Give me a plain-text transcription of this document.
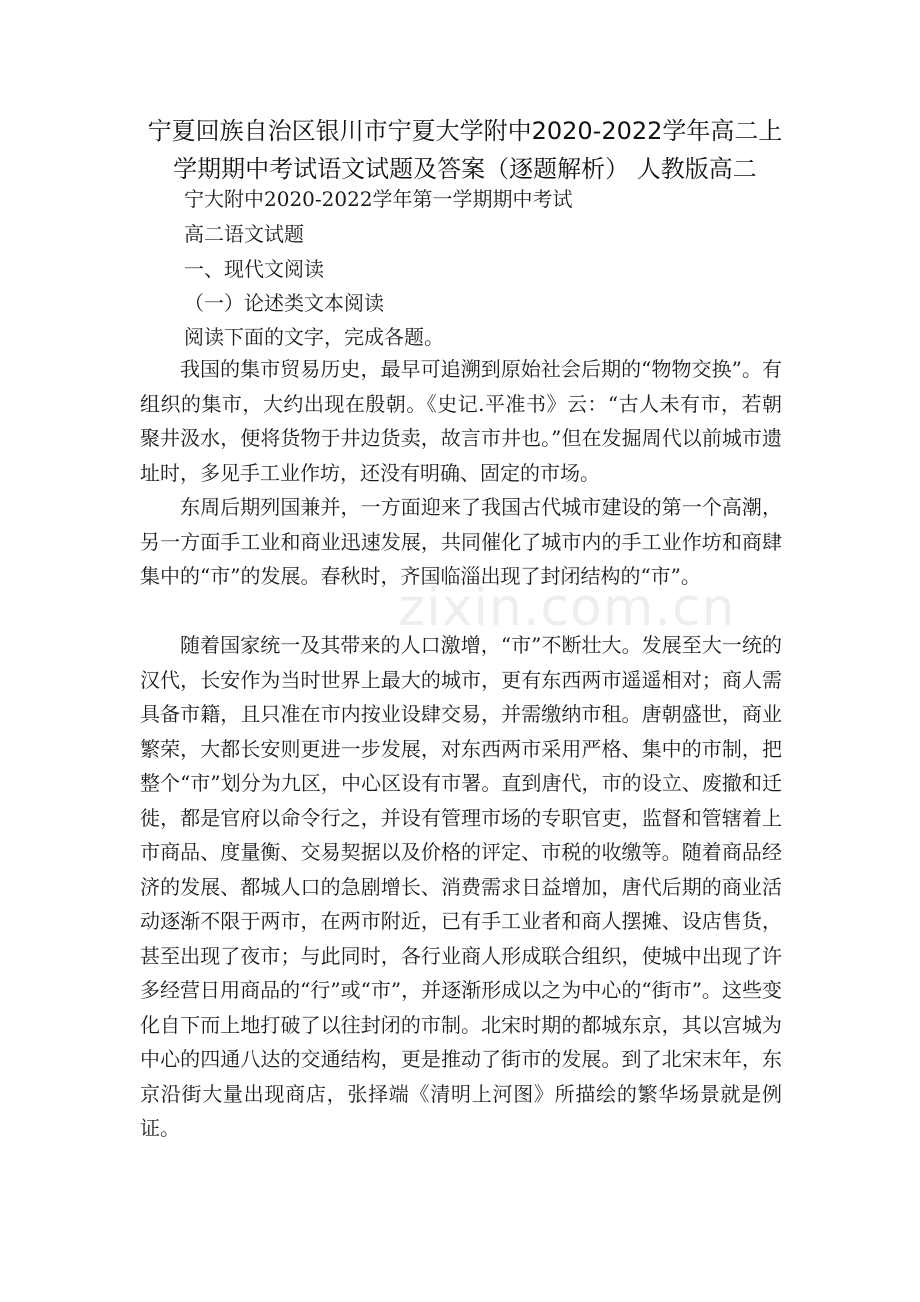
宁夏回族自治区银川市宁夏大学附中2020-2022学年高二上学期期中考试语文试题及答案（逐题解析） 人教版高二

宁大附中2020-2022学年第一学期期中考试

高二语文试题

一、现代文阅读

（一）论述类文本阅读

阅读下面的文字，完成各题。

我国的集市贸易历史，最早可追溯到原始社会后期的“物物交换”。有组织的集市，大约出现在殷朝。《史记.平准书》云：“古人未有市，若朝聚井汲水，便将货物于井边货卖，故言市井也。”但在发掘周代以前城市遗址时，多见手工业作坊，还没有明确、固定的市场。

东周后期列国兼并，一方面迎来了我国古代城市建设的第一个高潮，另一方面手工业和商业迅速发展，共同催化了城市内的手工业作坊和商肆集中的“市”的发展。春秋时，齐国临淄出现了封闭结构的“市”。

随着国家统一及其带来的人口激增，“市”不断壮大。发展至大一统的汉代，长安作为当时世界上最大的城市，更有东西两市遥遥相对；商人需具备市籍，且只准在市内按业设肆交易，并需缴纳市租。唐朝盛世，商业繁荣，大都长安则更进一步发展，对东西两市采用严格、集中的市制，把整个“市”划分为九区，中心区设有市署。直到唐代，市的设立、废撤和迁徙，都是官府以命令行之，并设有管理市场的专职官吏，监督和管辖着上市商品、度量衡、交易契据以及价格的评定、市税的收缴等。随着商品经济的发展、都城人口的急剧增长、消费需求日益增加，唐代后期的商业活动逐渐不限于两市，在两市附近，已有手工业者和商人摆摊、设店售货，甚至出现了夜市；与此同时，各行业商人形成联合组织，使城中出现了许多经营日用商品的“行”或“市”，并逐渐形成以之为中心的“街市”。这些变化自下而上地打破了以往封闭的市制。北宋时期的都城东京，其以宫城为中心的四通八达的交通结构，更是推动了街市的发展。到了北宋末年，东京沿街大量出现商店，张择端《清明上河图》所描绘的繁华场景就是例证。

zixin.com.cn
